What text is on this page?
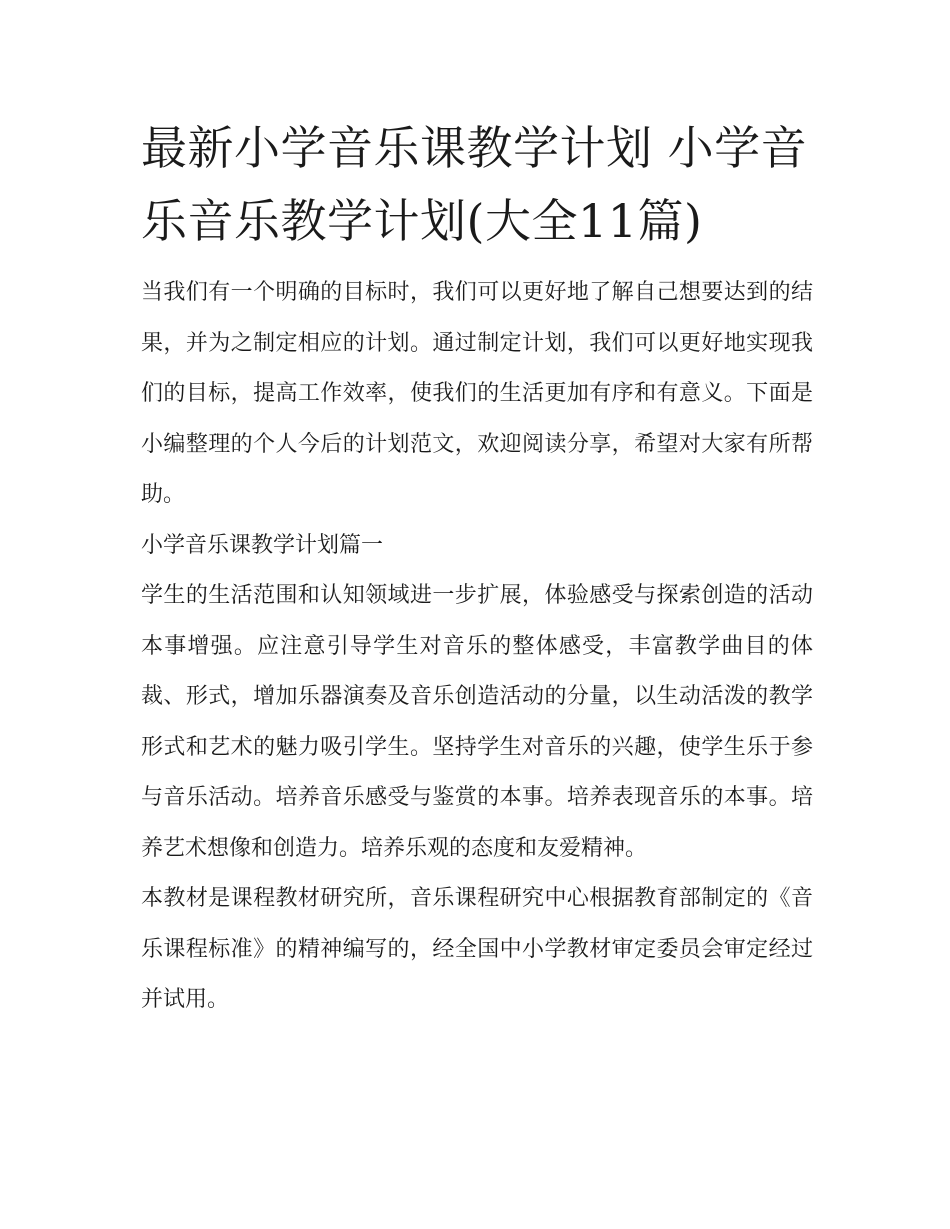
最新小学音乐课教学计划 小学音乐音乐教学计划(大全11篇)

当我们有一个明确的目标时，我们可以更好地了解自己想要达到的结果，并为之制定相应的计划。通过制定计划，我们可以更好地实现我们的目标，提高工作效率，使我们的生活更加有序和有意义。下面是小编整理的个人今后的计划范文，欢迎阅读分享，希望对大家有所帮助。

小学音乐课教学计划篇一

学生的生活范围和认知领域进一步扩展，体验感受与探索创造的活动本事增强。应注意引导学生对音乐的整体感受，丰富教学曲目的体裁、形式，增加乐器演奏及音乐创造活动的分量，以生动活泼的教学形式和艺术的魅力吸引学生。坚持学生对音乐的兴趣，使学生乐于参与音乐活动。培养音乐感受与鉴赏的本事。培养表现音乐的本事。培养艺术想像和创造力。培养乐观的态度和友爱精神。

本教材是课程教材研究所，音乐课程研究中心根据教育部制定的《音乐课程标准》的精神编写的，经全国中小学教材审定委员会审定经过并试用。
